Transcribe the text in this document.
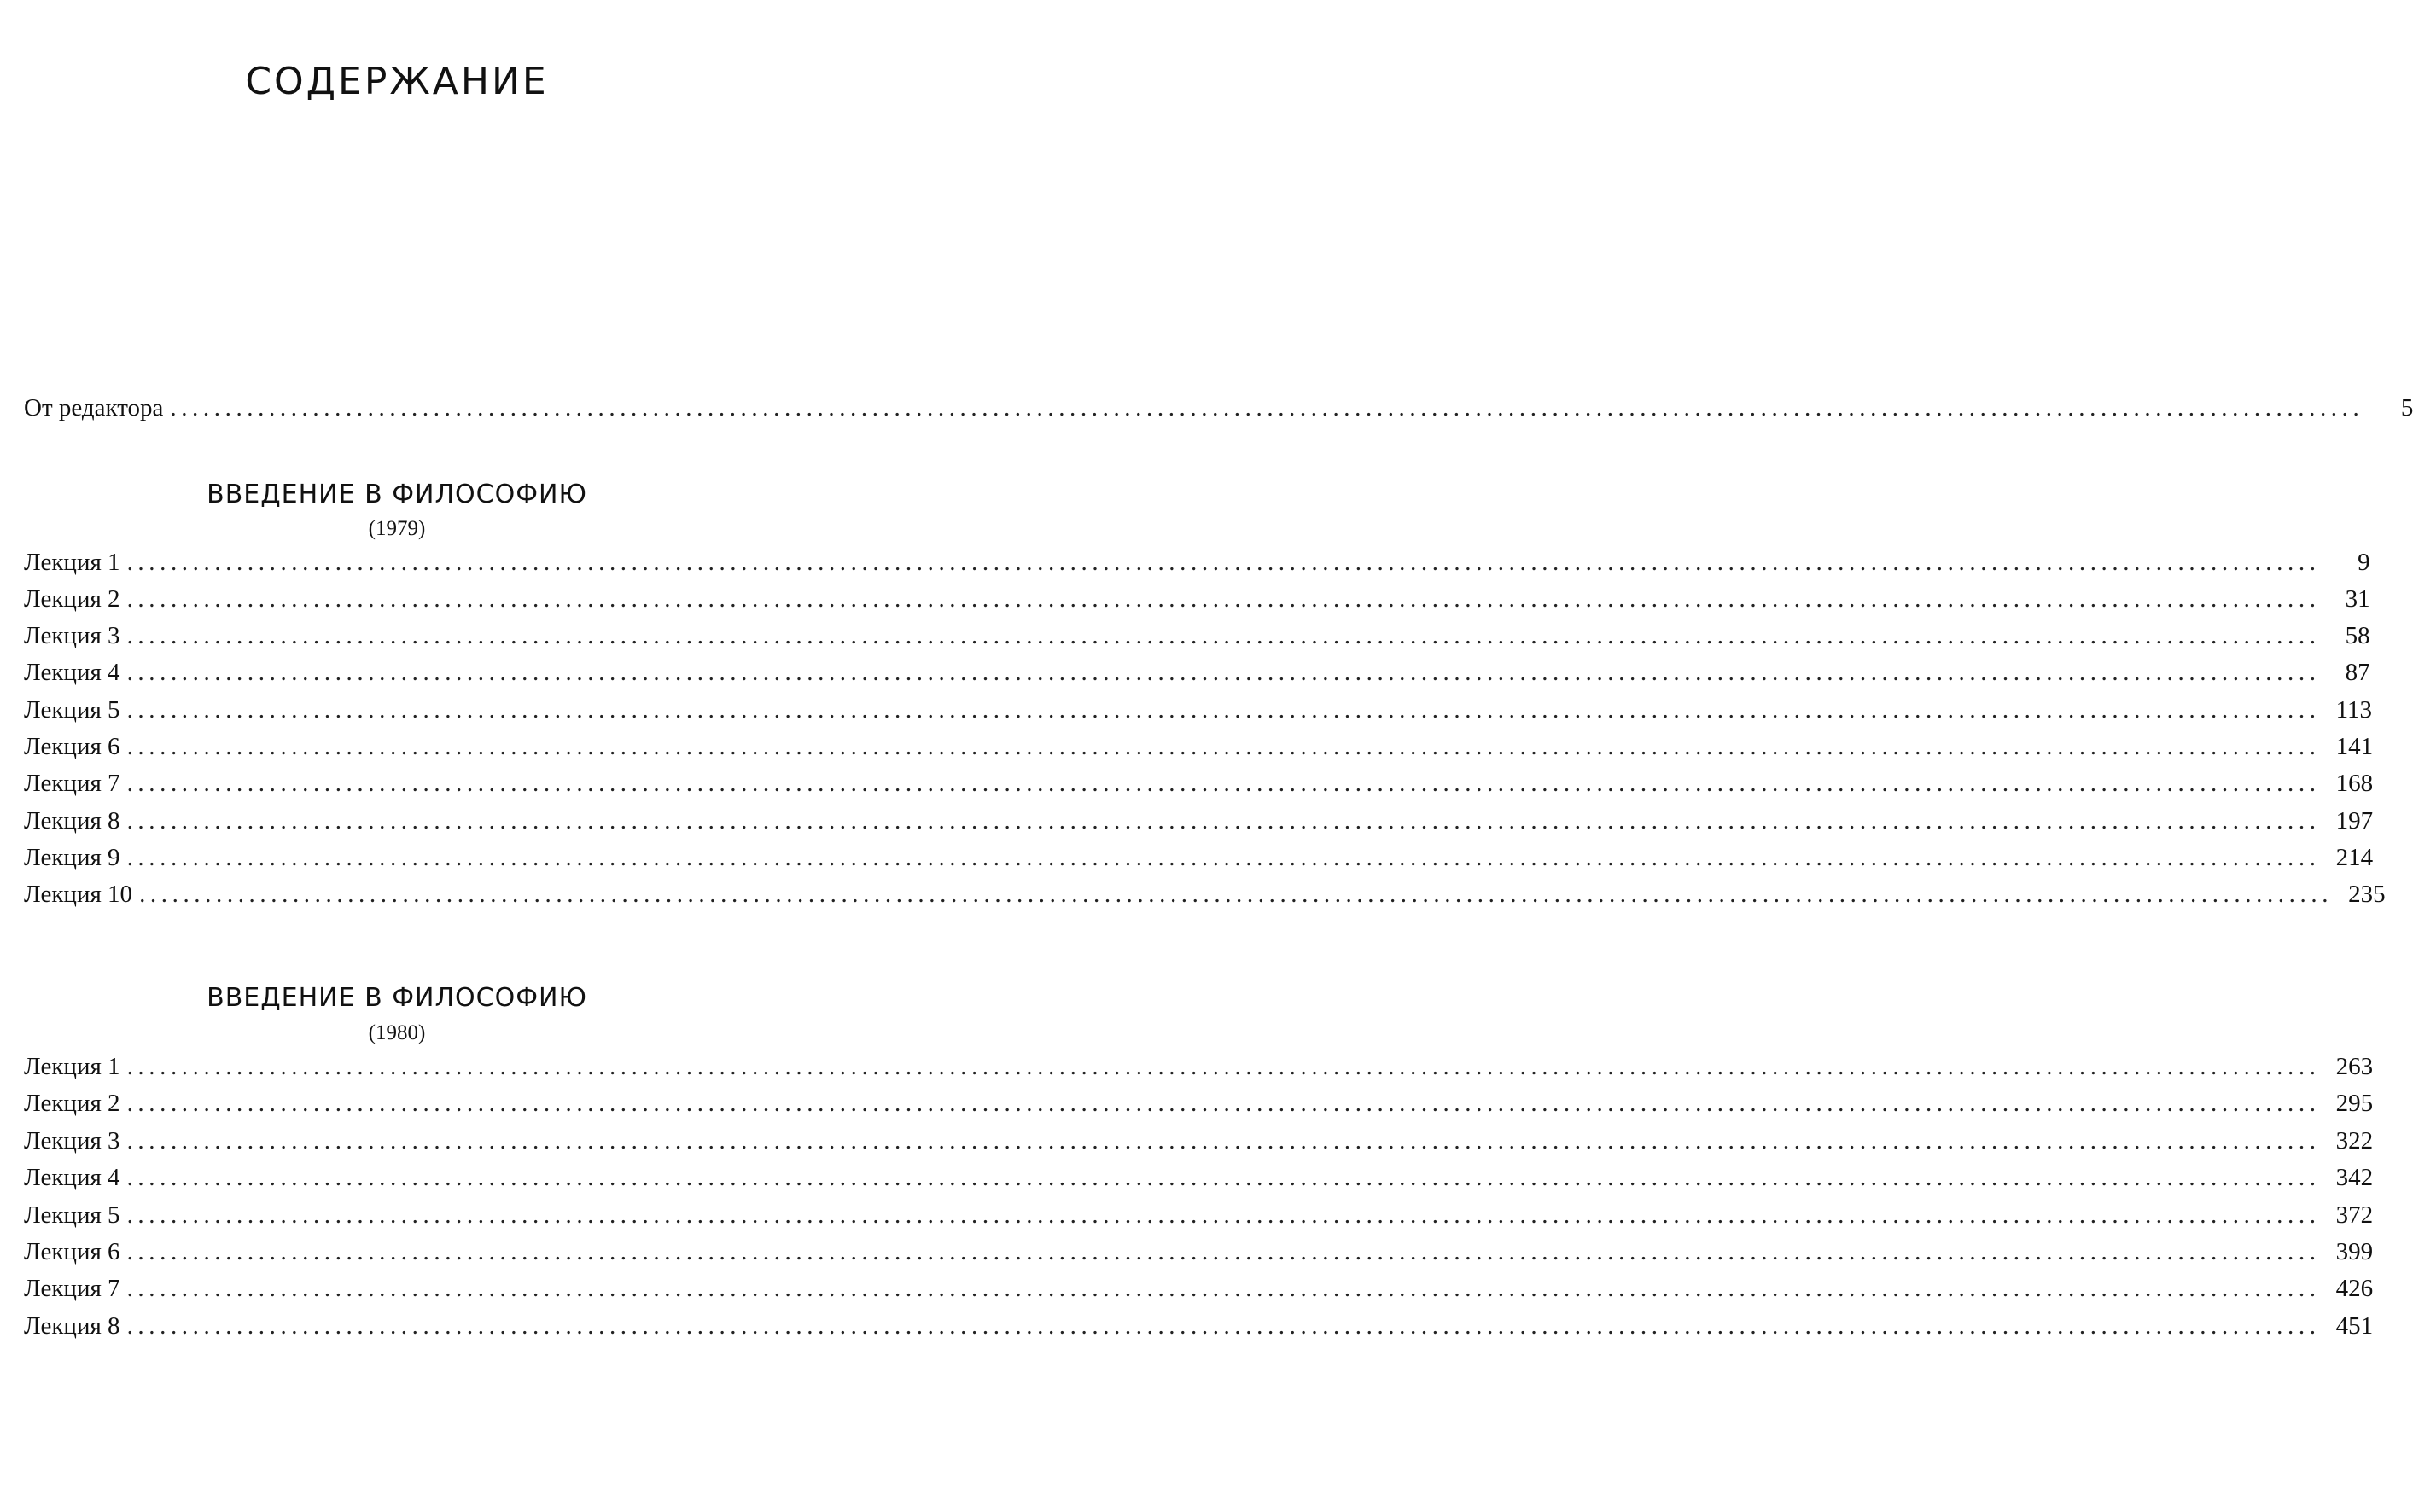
СОДЕРЖАНИЕ
От редактора ........................................................................................................................................................................................................	5
ВВЕДЕНИЕ В ФИЛОСОФИЮ
(1979)
Лекция 1 ........................................................................................................................................................................................................	9
Лекция 2 ........................................................................................................................................................................................................	31
Лекция 3 ........................................................................................................................................................................................................	58
Лекция 4 ........................................................................................................................................................................................................	87
Лекция 5 ........................................................................................................................................................................................................ 113
Лекция 6 ........................................................................................................................................................................................................ 141
Лекция 7 ........................................................................................................................................................................................................ 168
Лекция 8 ........................................................................................................................................................................................................ 197
Лекция 9 ........................................................................................................................................................................................................ 214
Лекция 10 ........................................................................................................................................................................................................ 235
ВВЕДЕНИЕ В ФИЛОСОФИЮ
(1980)
Лекция 1 ........................................................................................................................................................................................................ 263
Лекция 2 ........................................................................................................................................................................................................ 295
Лекция 3 ........................................................................................................................................................................................................ 322
Лекция 4 ........................................................................................................................................................................................................ 342
Лекция 5 ........................................................................................................................................................................................................ 372
Лекция 6 ........................................................................................................................................................................................................ 399
Лекция 7 ........................................................................................................................................................................................................ 426
Лекция 8 ........................................................................................................................................................................................................ 451
